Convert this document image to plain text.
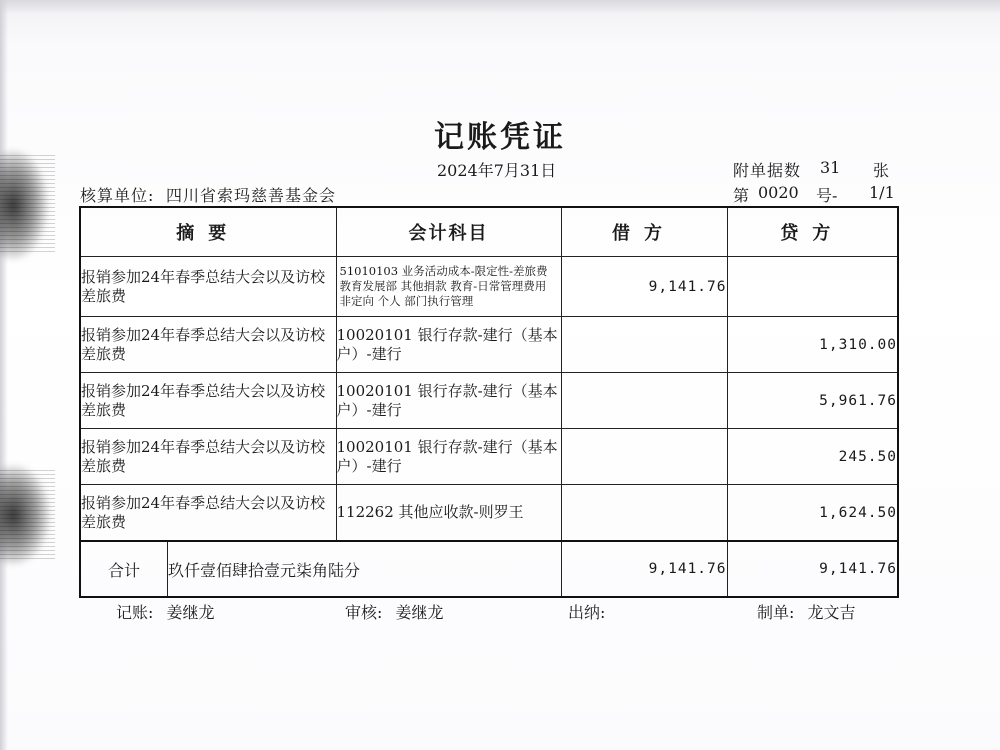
记账凭证
2024年7月31日	附单据数 31 张
核算单位: 四川省索玛慈善基金会	第 0020 号- 1/1
摘要	会计科目	借方	贷方
报销参加24年春季总结大会以及访校差旅费	51010103 业务活动成本-限定性-差旅费 教育发展部 其他捐款 教育-日常管理费用 非定向 个人 部门执行管理	9,141.76	
报销参加24年春季总结大会以及访校差旅费	10020101 银行存款-建行（基本户）-建行		1,310.00
报销参加24年春季总结大会以及访校差旅费	10020101 银行存款-建行（基本户）-建行		5,961.76
报销参加24年春季总结大会以及访校差旅费	10020101 银行存款-建行（基本户）-建行		245.50
报销参加24年春季总结大会以及访校差旅费	112262 其他应收款-则罗王		1,624.50

合计 玖仟壹佰肆拾壹元柒角陆分		9,141.76	9,141.76
记账: 姜继龙	审核: 姜继龙	出纳:	制单: 龙文吉
